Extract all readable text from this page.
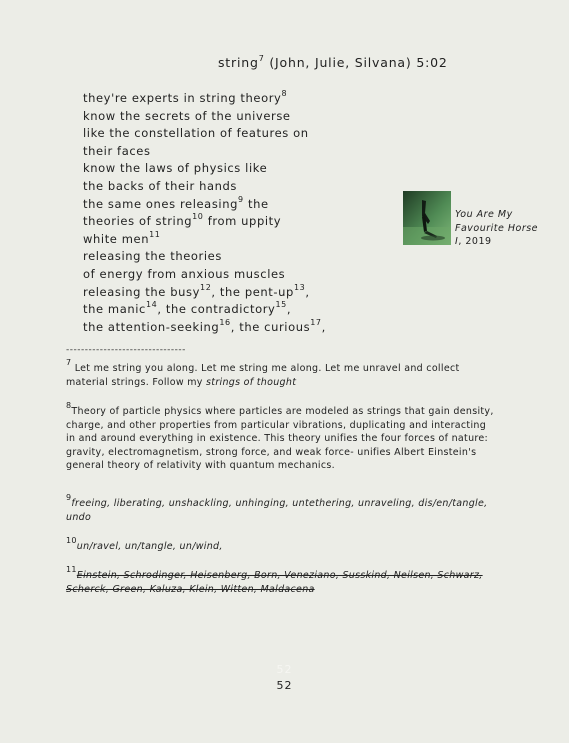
string$^7$ (John, Julie, Silvana) 5:02
they're experts in string theory$^8$
know the secrets of the universe
like the constellation of features on
their faces
know the laws of physics like
the backs of their hands
the same ones releasing$^9$ the
theories of string$^{10}$ from uppity
white men$^{11}$
releasing the theories
of energy from anxious muscles
releasing the busy$^{12}$, the pent-$up^{13}$,
the manic$^{14}$, the contradictory$^{15}$,
the attention-seeking$^{16}$, the curious$^{17}$,
You Are My
Favourite Horse
I, 2019
--------------------------------
$^7$ Let me string you along. Let me string me along. Let me unravel and collect material strings. Follow my strings of thought
$^8$Theory of particle physics where particles are modeled as strings that gain density, charge, and other properties from particular vibrations, duplicating and interacting in and around everything in existence. This theory unifies the four forces of nature: gravity, electromagnetism, strong force, and weak force- unifies Albert Einstein's general theory of relativity with quantum mechanics.
$^9$freeing, liberating, unshackling, unhinging, untethering, unraveling, dis/en/tangle, undo
$^{10}$un/ravel, un/tangle, un/wind,
$^{11}$Einstein, Schrodinger, Heisenberg, Born, Veneziano, Susskind, Neilsen, Schwarz, Scherck, Green, Kaluza, Klein, Witten, Maldacena
52
52
